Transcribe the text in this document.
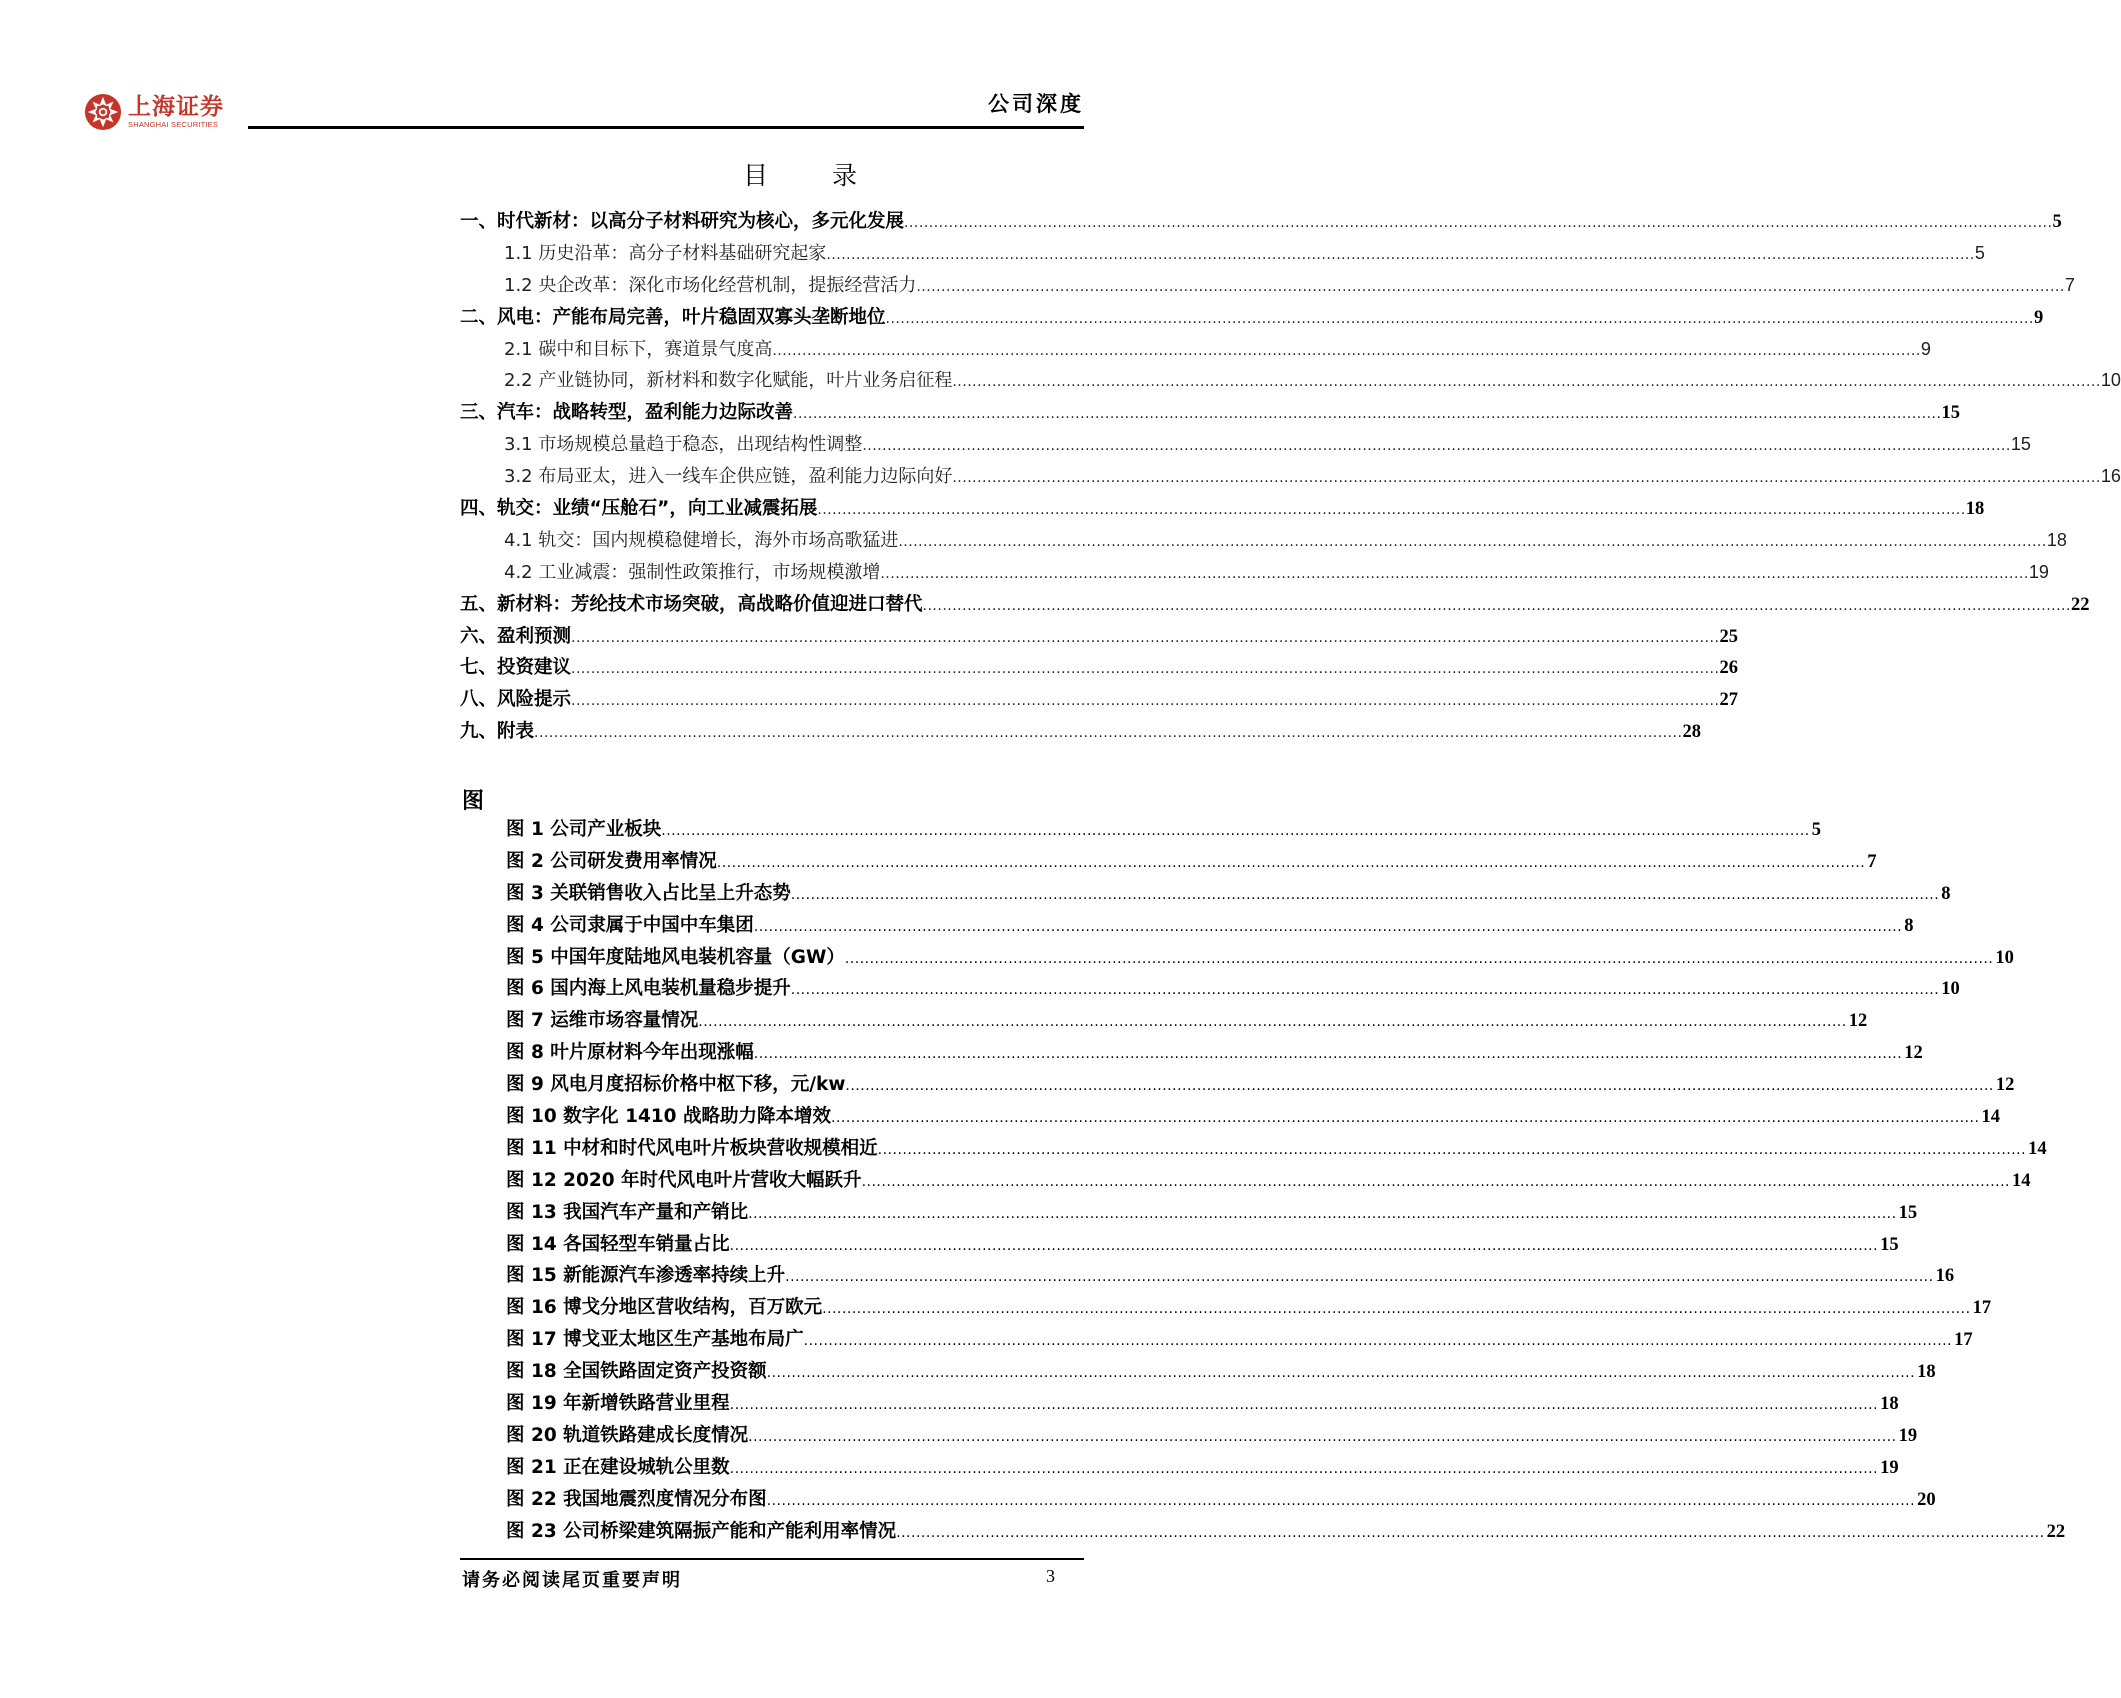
上海证券
SHANGHAI SECURITIES
公司深度
目 录
一、时代新材：以高分子材料研究为核心，多元化发展 .....	5
1.1 历史沿革：高分子材料基础研究起家 .....	5
1.2 央企改革：深化市场化经营机制，提振经营活力 .....	7
二、风电：产能布局完善，叶片稳固双寡头垄断地位 .....	9
2.1 碳中和目标下，赛道景气度高 .....	9
2.2 产业链协同，新材料和数字化赋能，叶片业务启征程 .....	10
三、汽车：战略转型，盈利能力边际改善 .....	15
3.1 市场规模总量趋于稳态，出现结构性调整 .....	15
3.2 布局亚太，进入一线车企供应链，盈利能力边际向好 .....	16
四、轨交：业绩“压舱石”，向工业减震拓展 .....	18
4.1 轨交：国内规模稳健增长，海外市场高歌猛进 .....	18
4.2 工业减震：强制性政策推行，市场规模激增 .....	19
五、新材料：芳纶技术市场突破，高战略价值迎进口替代 .....	22
六、盈利预测 .....	25
七、投资建议 .....	26
八、风险提示 .....	27
九、附表 .....	28
图
图 1 公司产业板块 .....	5
图 2 公司研发费用率情况 .....	7
图 3 关联销售收入占比呈上升态势 .....	8
图 4 公司隶属于中国中车集团 .....	8
图 5 中国年度陆地风电装机容量（GW） .....	10
图 6 国内海上风电装机量稳步提升 .....	10
图 7 运维市场容量情况 .....	12
图 8 叶片原材料今年出现涨幅 .....	12
图 9 风电月度招标价格中枢下移，元/kw .....	12
图 10 数字化 1410 战略助力降本增效 .....	14
图 11 中材和时代风电叶片板块营收规模相近 .....	14
图 12 2020 年时代风电叶片营收大幅跃升 .....	14
图 13 我国汽车产量和产销比 .....	15
图 14 各国轻型车销量占比 .....	15
图 15 新能源汽车渗透率持续上升 .....	16
图 16 博戈分地区营收结构，百万欧元 .....	17
图 17 博戈亚太地区生产基地布局广 .....	17
图 18 全国铁路固定资产投资额 .....	18
图 19 年新增铁路营业里程 .....	18
图 20 轨道铁路建成长度情况 .....	19
图 21 正在建设城轨公里数 .....	19
图 22 我国地震烈度情况分布图 .....	20
图 23 公司桥梁建筑隔振产能和产能利用率情况 .....	22
请务必阅读尾页重要声明	3
